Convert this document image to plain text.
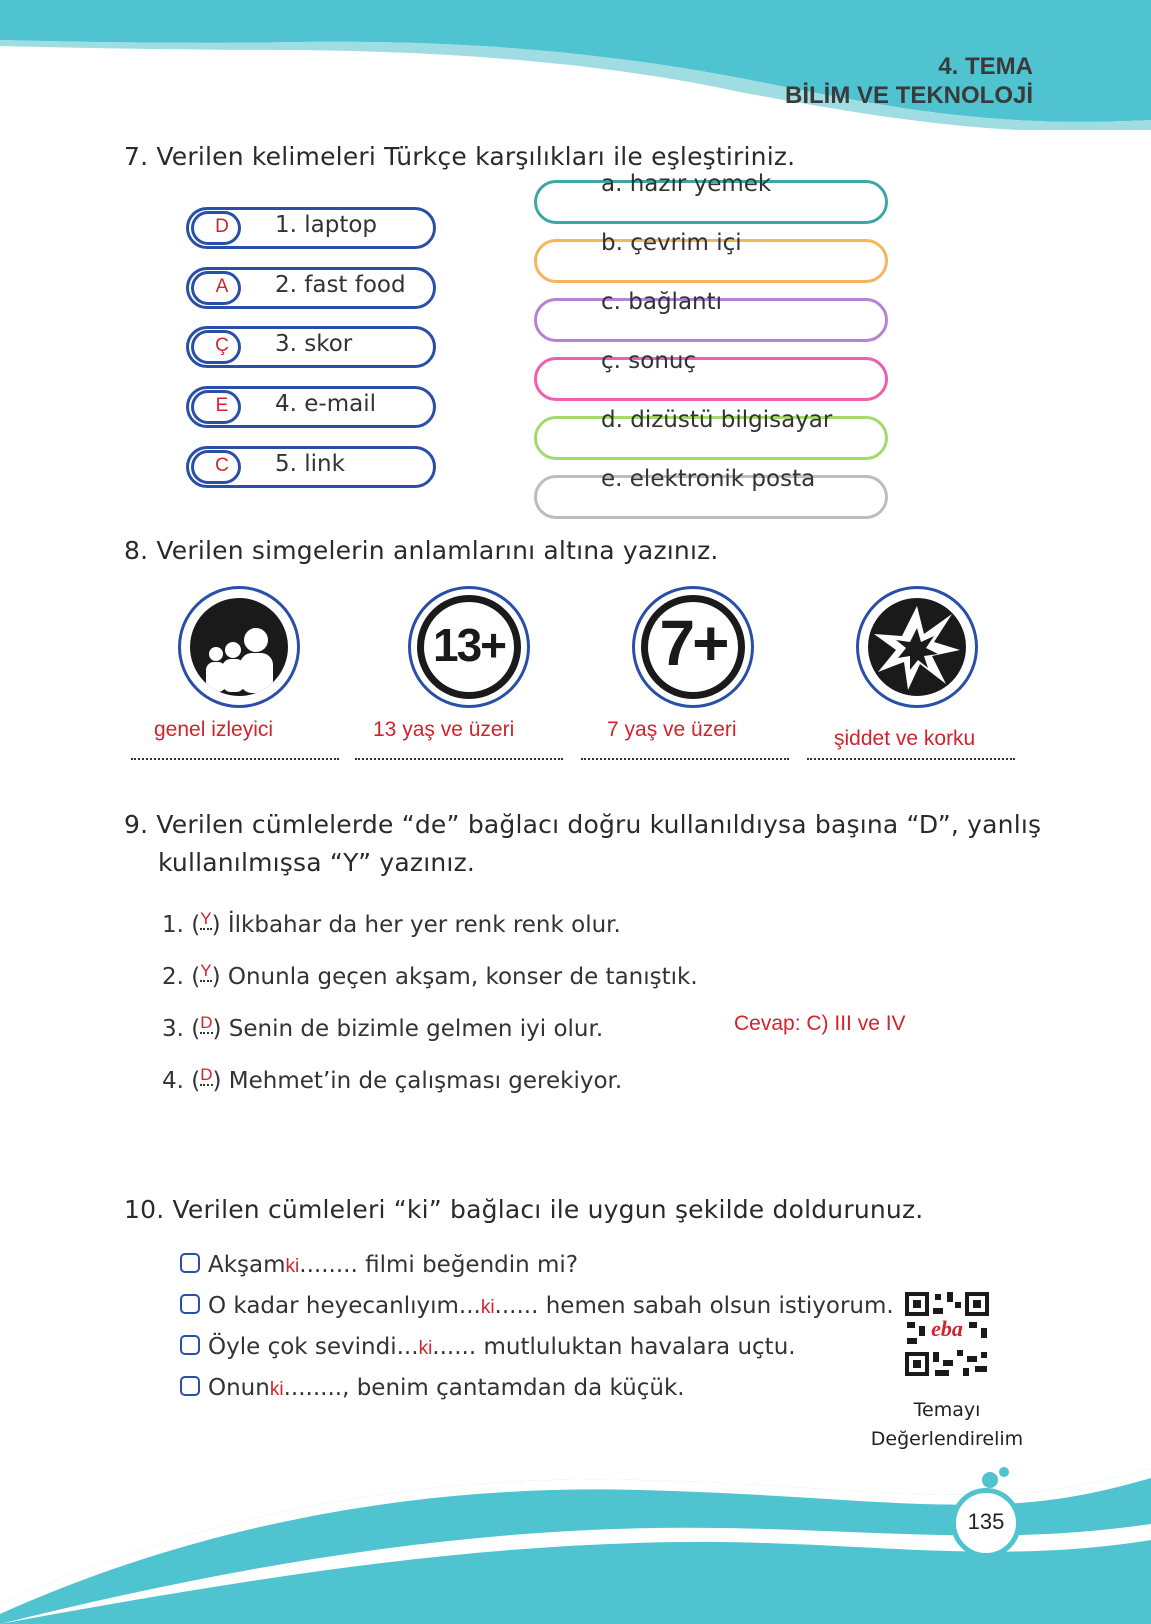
4. TEMA
BİLİM VE TEKNOLOJİ
7. Verilen kelimeleri Türkçe karşılıkları ile eşleştiriniz.
D	1. laptop
A	2. fast food
Ç	3. skor
E	4. e-mail
C	5. link
a. hazır yemek
b. çevrim içi
c. bağlantı
ç. sonuç
d. dizüstü bilgisayar
e. elektronik posta
8. Verilen simgelerin anlamlarını altına yazınız.
13+ 7+
genel izleyici	13 yaş ve üzeri	7 yaş ve üzeri	şiddet ve korku
9. Verilen cümlelerde “de” bağlacı doğru kullanıldıysa başına “D”, yanlış
kullanılmışsa “Y” yazınız.
1. ($^Y$) İlkbahar da her yer renk renk olur.
2. ($^Y$) Onunla geçen akşam, konser de tanıştık.
3. ($^D$) Senin de bizimle gelmen iyi olur.
4. ($^D$) Mehmet’in de çalışması gerekiyor.
Cevap: C) III ve IV
10. Verilen cümleleri “ki” bağlacı ile uygun şekilde doldurunuz.
Akşamki........ filmi beğendin mi?
O kadar heyecanlıyım...ki...... hemen sabah olsun istiyorum.
Öyle çok sevindi...ki...... mutluluktan havalara uçtu.
Onunki........, benim çantamdan da küçük.
eba
Temayı
Değerlendirelim
135
